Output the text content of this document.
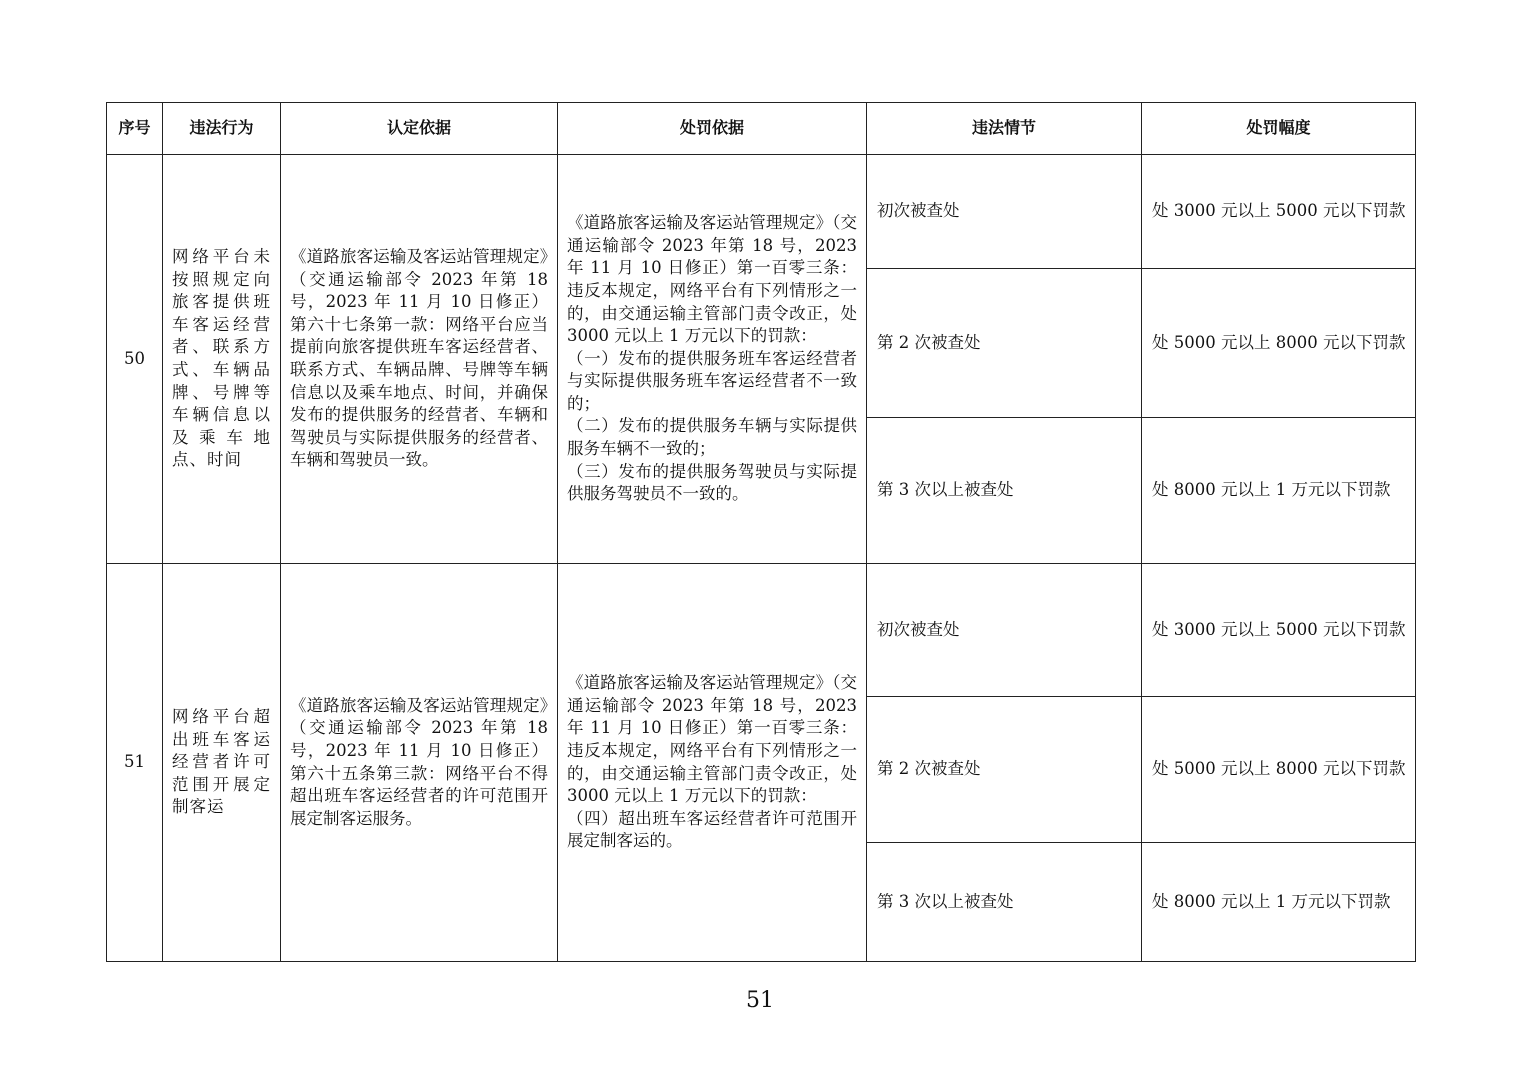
序号	违法行为	认定依据	处罚依据	违法情节	处罚幅度
50	网络平台未按照规定向旅客提供班车客运经营者、联系方式、车辆品牌、号牌等车辆信息以及乘车地点、时间	《道路旅客运输及客运站管理规定》（交通运输部令 2023 年第 18 号，2023 年 11 月 10 日修正）第六十七条第一款：网络平台应当提前向旅客提供班车客运经营者、联系方式、车辆品牌、号牌等车辆信息以及乘车地点、时间，并确保发布的提供服务的经营者、车辆和驾驶员与实际提供服务的经营者、车辆和驾驶员一致。	《道路旅客运输及客运站管理规定》（交通运输部令 2023 年第 18 号，2023 年 11 月 10 日修正）第一百零三条：违反本规定，网络平台有下列情形之一的，由交通运输主管部门责令改正，处 3000 元以上 1 万元以下的罚款：
（一）发布的提供服务班车客运经营者与实际提供服务班车客运经营者不一致的；
（二）发布的提供服务车辆与实际提供服务车辆不一致的；
（三）发布的提供服务驾驶员与实际提供服务驾驶员不一致的。	初次被查处	处 3000 元以上 5000 元以下罚款
				第 2 次被查处	处 5000 元以上 8000 元以下罚款
				第 3 次以上被查处	处 8000 元以上 1 万元以下罚款
51	网络平台超出班车客运经营者许可范围开展定制客运	《道路旅客运输及客运站管理规定》（交通运输部令 2023 年第 18 号，2023 年 11 月 10 日修正）第六十五条第三款：网络平台不得超出班车客运经营者的许可范围开展定制客运服务。	《道路旅客运输及客运站管理规定》（交通运输部令 2023 年第 18 号，2023 年 11 月 10 日修正）第一百零三条：违反本规定，网络平台有下列情形之一的，由交通运输主管部门责令改正，处 3000 元以上 1 万元以下的罚款：
（四）超出班车客运经营者许可范围开展定制客运的。	初次被查处	处 3000 元以上 5000 元以下罚款
				第 2 次被查处	处 5000 元以上 8000 元以下罚款
				第 3 次以上被查处	处 8000 元以上 1 万元以下罚款
51
